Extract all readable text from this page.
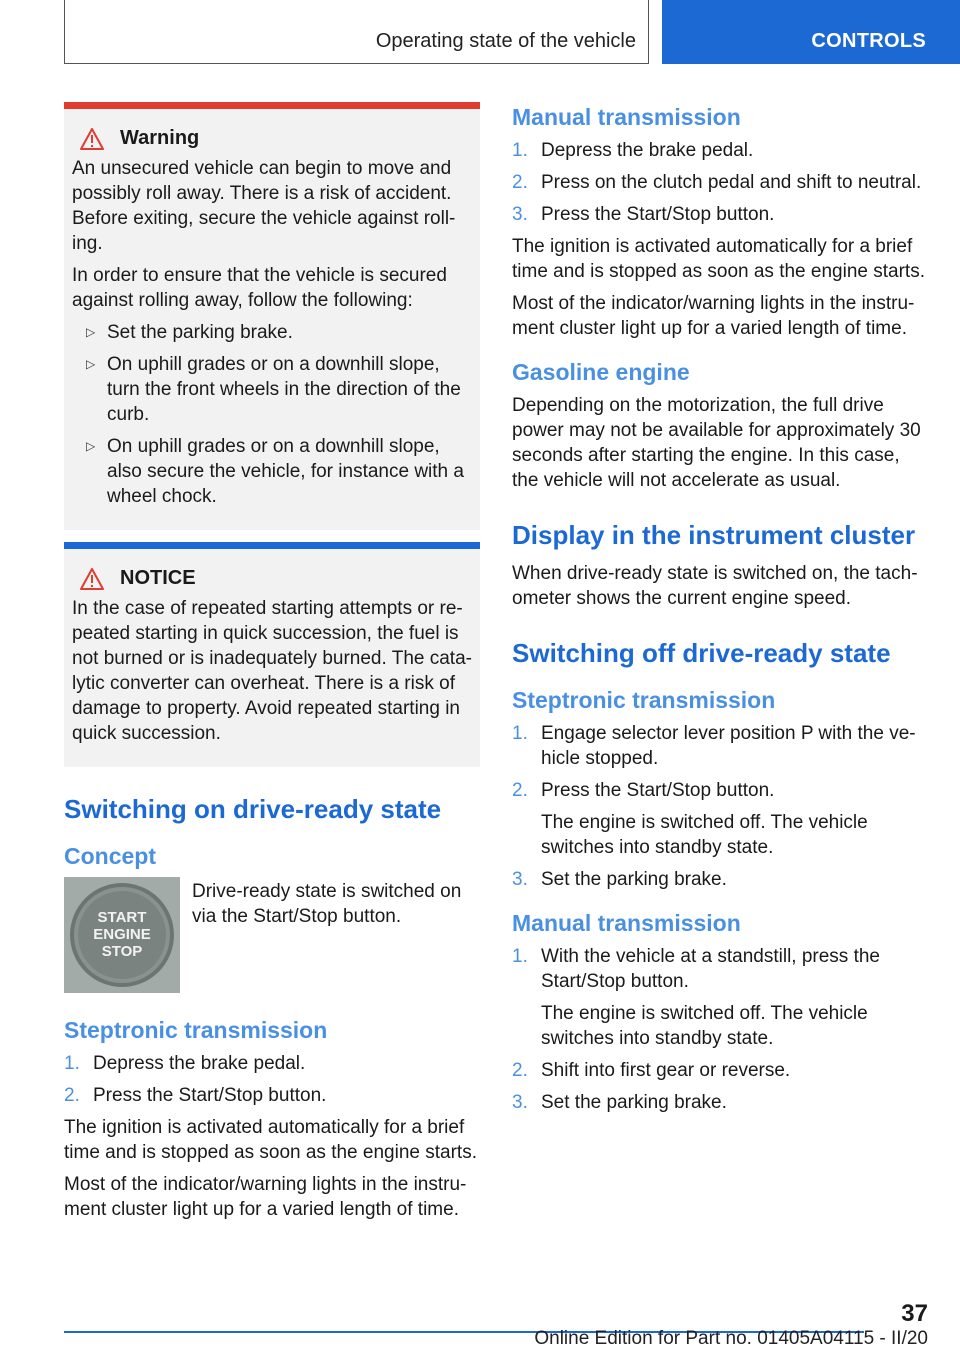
Operating state of the vehicle	CONTROLS
Warning

An unsecured vehicle can begin to move and possibly roll away. There is a risk of accident. Before exiting, secure the vehicle against roll‐ing.

In order to ensure that the vehicle is secured against rolling away, follow the following:

▷ Set the parking brake.
▷ On uphill grades or on a downhill slope, turn the front wheels in the direction of the curb.
▷ On uphill grades or on a downhill slope, also secure the vehicle, for instance with a wheel chock.
NOTICE

In the case of repeated starting attempts or re‐peated starting in quick succession, the fuel is not burned or is inadequately burned. The cata‐lytic converter can overheat. There is a risk of damage to property. Avoid repeated starting in quick succession.

Switching on drive-ready state
Concept
START
ENGINE
STOP
Drive-ready state is switched on via the Start/Stop button.
Steptronic transmission
1. Depress the brake pedal.
2. Press the Start/Stop button.

The ignition is activated automatically for a brief time and is stopped as soon as the engine starts.

Most of the indicator/warning lights in the instru‐ment cluster light up for a varied length of time.

Manual transmission
1. Depress the brake pedal.
2. Press on the clutch pedal and shift to neutral.
3. Press the Start/Stop button.

The ignition is activated automatically for a brief time and is stopped as soon as the engine starts.

Most of the indicator/warning lights in the instru‐ment cluster light up for a varied length of time.

Gasoline engine

Depending on the motorization, the full drive power may not be available for approximately 30 seconds after starting the engine. In this case, the vehicle will not accelerate as usual.

Display in the instrument cluster

When drive-ready state is switched on, the tach‐ometer shows the current engine speed.

Switching off drive-ready state
Steptronic transmission
1. Engage selector lever position P with the ve‐hicle stopped.
2. Press the Start/Stop button.
The engine is switched off. The vehicle switches into standby state.
3. Set the parking brake.
Manual transmission
1. With the vehicle at a standstill, press the Start/Stop button.
The engine is switched off. The vehicle switches into standby state.
2. Shift into first gear or reverse.
3. Set the parking brake.
37
Online Edition for Part no. 01405A04115 - II/20
